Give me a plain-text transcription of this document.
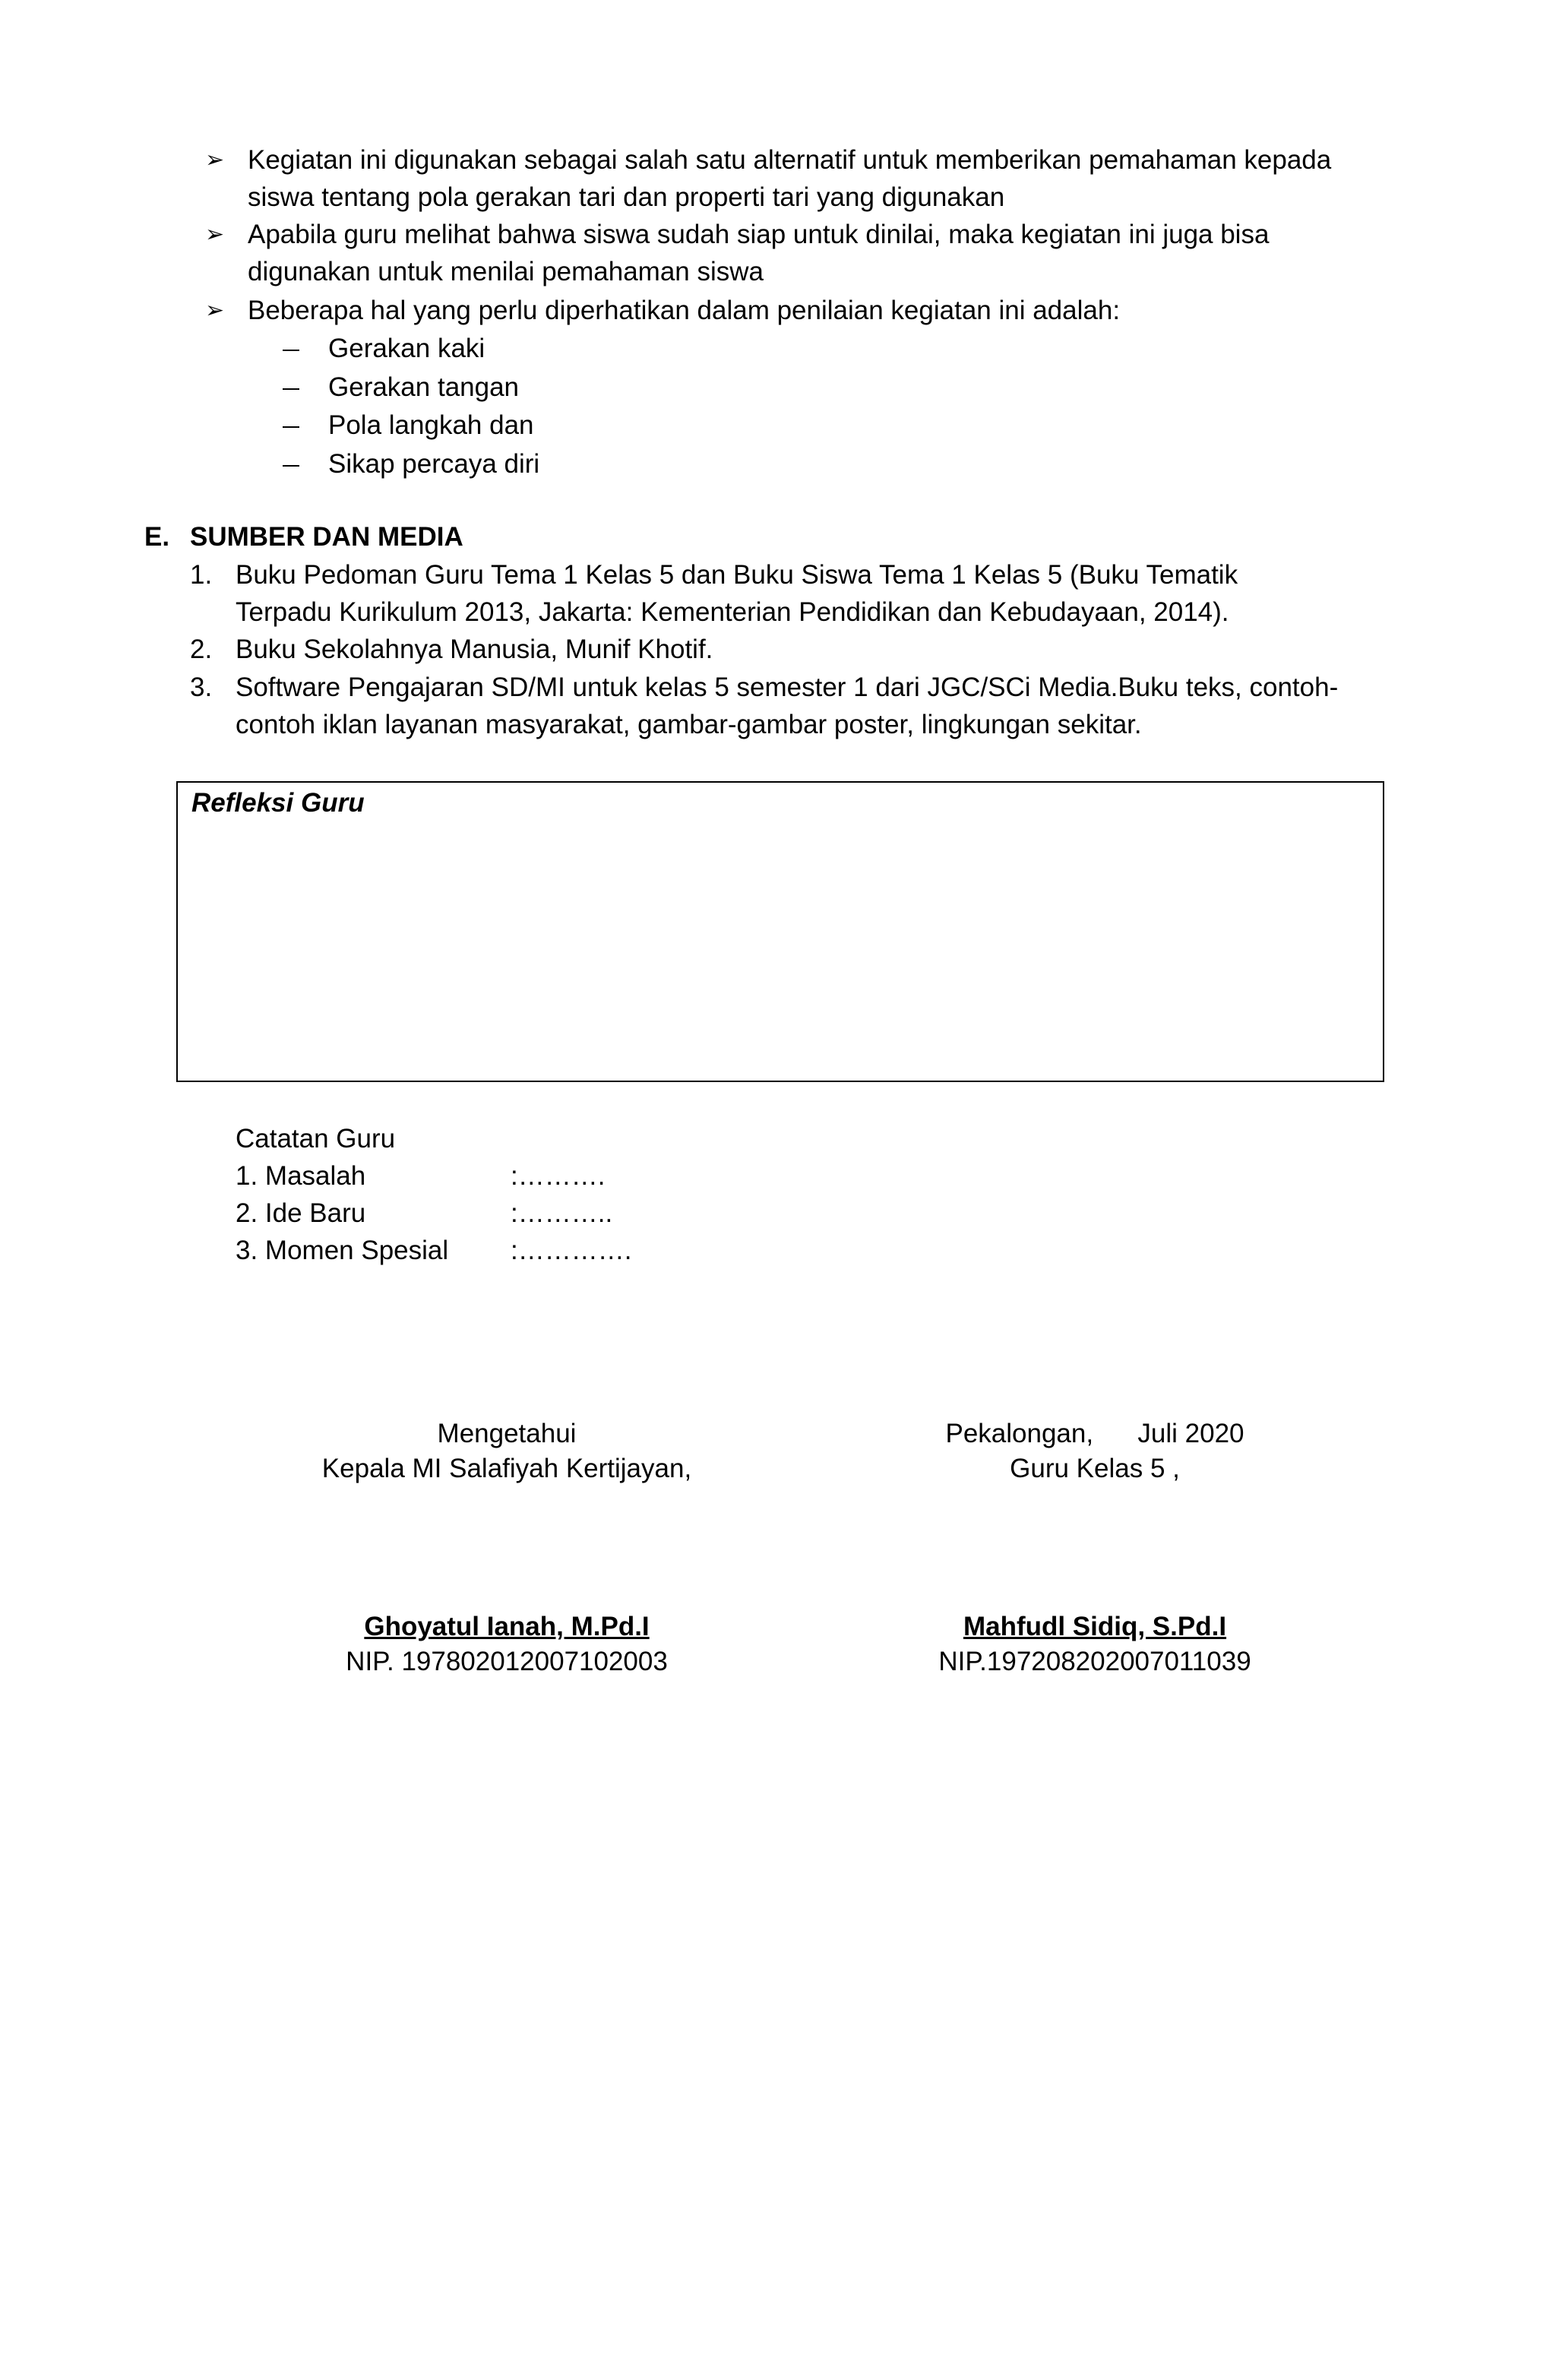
➢ Kegiatan ini digunakan sebagai salah satu alternatif untuk memberikan pemahaman kepada
siswa tentang pola gerakan tari dan properti tari yang digunakan
➢ Apabila guru melihat bahwa siswa sudah siap untuk dinilai, maka kegiatan ini juga bisa
digunakan untuk menilai pemahaman siswa
➢ Beberapa hal yang perlu diperhatikan dalam penilaian kegiatan ini adalah:
Gerakan kaki
Gerakan tangan
Pola langkah dan
Sikap percaya diri
E. SUMBER DAN MEDIA
1. Buku Pedoman Guru Tema 1 Kelas 5 dan Buku Siswa Tema 1 Kelas 5 (Buku Tematik
Terpadu Kurikulum 2013, Jakarta: Kementerian Pendidikan dan Kebudayaan, 2014).
2. Buku Sekolahnya Manusia, Munif Khotif.
3. Software Pengajaran SD/MI untuk kelas 5 semester 1 dari JGC/SCi Media.Buku teks, contoh-
contoh iklan layanan masyarakat, gambar-gambar poster, lingkungan sekitar.
Refleksi Guru
Catatan Guru
1. Masalah	:……….
2. Ide Baru	:………..
3. Momen Spesial :………….
Mengetahui
Kepala MI Salafiyah Kertijayan,
Ghoyatul Ianah, M.Pd.I
NIP. 197802012007102003
Pekalongan,      Juli 2020
Guru Kelas 5 ,
Mahfudl Sidiq, S.Pd.I
NIP.197208202007011039
